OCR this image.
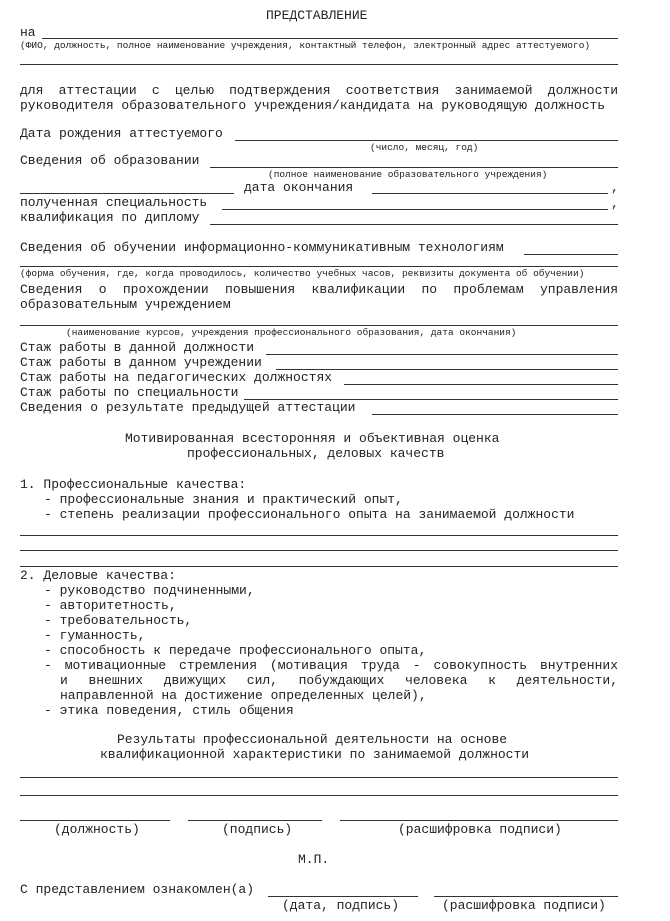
ПРЕДСТАВЛЕНИЕ
на
(ФИО, должность, полное наименование учреждения, контактный телефон, электронный адрес аттестуемого)
для аттестации с целью подтверждения соответствия занимаемой должности
руководителя образовательного учреждения/кандидата на руководящую должность
Дата рождения аттестуемого
(число, месяц, год)
Сведения об образовании
(полное наименование образовательного учреждения)
дата окончания	,
полученная специальность	,
квалификация по диплому
Сведения об обучении информационно-коммуникативным технологиям
(форма обучения, где, когда проводилось, количество учебных часов, реквизиты документа об обучении)
Сведения о прохождении повышения квалификации по проблемам управления
образовательным учреждением
(наименование курсов, учреждения профессионального образования, дата окончания)
Стаж работы в данной должности
Стаж работы в данном учреждении
Стаж работы на педагогических должностях
Стаж работы по специальности
Сведения о результате предыдущей аттестации
Мотивированная всесторонняя и объективная оценка
профессиональных, деловых качеств
1. Профессиональные качества:
- профессиональные знания и практический опыт,
- степень реализации профессионального опыта на занимаемой должности
2. Деловые качества:
- руководство подчиненными,
- авторитетность,
- требовательность,
- гуманность,
- способность к передаче профессионального опыта,
- мотивационные стремления (мотивация труда - совокупность внутренних
и внешних движущих сил, побуждающих человека к деятельности,
направленной на достижение определенных целей),
- этика поведения, стиль общения
Результаты профессиональной деятельности на основе
квалификационной характеристики по занимаемой должности
(должность)	(подпись)	(расшифровка подписи)
М.П.
С представлением ознакомлен(а)
(дата, подпись)	(расшифровка подписи)
